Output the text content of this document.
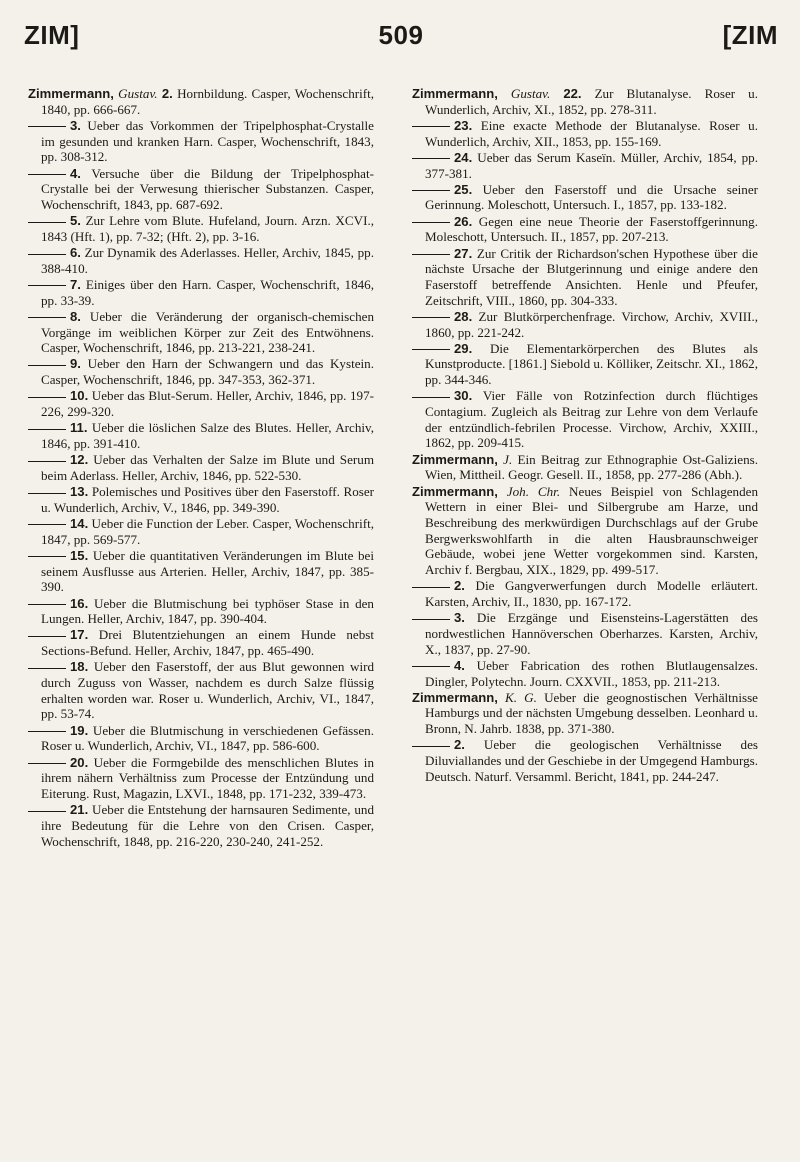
ZIM]	509	[ZIM

Zimmermann, Gustav. 2. Hornbildung. Casper, Wochenschrift, 1840, pp. 666-667.

3. Ueber das Vorkommen der Tripelphosphat-Crystalle im gesunden und kranken Harn. Casper, Wochenschrift, 1843, pp. 308-312.

4. Versuche über die Bildung der Tripelphosphat-Crystalle bei der Verwesung thierischer Substanzen. Casper, Wochenschrift, 1843, pp. 687-692.

5. Zur Lehre vom Blute. Hufeland, Journ. Arzn. XCVI., 1843 (Hft. 1), pp. 7-32; (Hft. 2), pp. 3-16.

6. Zur Dynamik des Aderlasses. Heller, Archiv, 1845, pp. 388-410.

7. Einiges über den Harn. Casper, Wochenschrift, 1846, pp. 33-39.

8. Ueber die Veränderung der organisch-chemischen Vorgänge im weiblichen Körper zur Zeit des Entwöhnens. Casper, Wochenschrift, 1846, pp. 213-221, 238-241.

9. Ueber den Harn der Schwangern und das Kystein. Casper, Wochenschrift, 1846, pp. 347-353, 362-371.

10. Ueber das Blut-Serum. Heller, Archiv, 1846, pp. 197-226, 299-320.

11. Ueber die löslichen Salze des Blutes. Heller, Archiv, 1846, pp. 391-410.

12. Ueber das Verhalten der Salze im Blute und Serum beim Aderlass. Heller, Archiv, 1846, pp. 522-530.

13. Polemisches und Positives über den Faserstoff. Roser u. Wunderlich, Archiv, V., 1846, pp. 349-390.

14. Ueber die Function der Leber. Casper, Wochenschrift, 1847, pp. 569-577.

15. Ueber die quantitativen Veränderungen im Blute bei seinem Ausflusse aus Arterien. Heller, Archiv, 1847, pp. 385-390.

16. Ueber die Blutmischung bei typhöser Stase in den Lungen. Heller, Archiv, 1847, pp. 390-404.

17. Drei Blutentziehungen an einem Hunde nebst Sections-Befund. Heller, Archiv, 1847, pp. 465-490.

18. Ueber den Faserstoff, der aus Blut gewonnen wird durch Zuguss von Wasser, nachdem es durch Salze flüssig erhalten worden war. Roser u. Wunderlich, Archiv, VI., 1847, pp. 53-74.

19. Ueber die Blutmischung in verschiedenen Gefässen. Roser u. Wunderlich, Archiv, VI., 1847, pp. 586-600.

20. Ueber die Formgebilde des menschlichen Blutes in ihrem nähern Verhältniss zum Processe der Entzündung und Eiterung. Rust, Magazin, LXVI., 1848, pp. 171-232, 339-473.

21. Ueber die Entstehung der harnsauren Sedimente, und ihre Bedeutung für die Lehre von den Crisen. Casper, Wochenschrift, 1848, pp. 216-220, 230-240, 241-252.

Zimmermann, Gustav. 22. Zur Blutanalyse. Roser u. Wunderlich, Archiv, XI., 1852, pp. 278-311.

23. Eine exacte Methode der Blutanalyse. Roser u. Wunderlich, Archiv, XII., 1853, pp. 155-169.

24. Ueber das Serum Kaseïn. Müller, Archiv, 1854, pp. 377-381.

25. Ueber den Faserstoff und die Ursache seiner Gerinnung. Moleschott, Untersuch. I., 1857, pp. 133-182.

26. Gegen eine neue Theorie der Faserstoffgerinnung. Moleschott, Untersuch. II., 1857, pp. 207-213.

27. Zur Critik der Richardson'schen Hypothese über die nächste Ursache der Blutgerinnung und einige andere den Faserstoff betreffende Ansichten. Henle und Pfeufer, Zeitschrift, VIII., 1860, pp. 304-333.

28. Zur Blutkörperchenfrage. Virchow, Archiv, XVIII., 1860, pp. 221-242.

29. Die Elementarkörperchen des Blutes als Kunstproducte. [1861.] Siebold u. Kölliker, Zeitschr. XI., 1862, pp. 344-346.

30. Vier Fälle von Rotzinfection durch flüchtiges Contagium. Zugleich als Beitrag zur Lehre von dem Verlaufe der entzündlich-febrilen Processe. Virchow, Archiv, XXIII., 1862, pp. 209-415.

Zimmermann, J. Ein Beitrag zur Ethnographie Ost-Galiziens. Wien, Mittheil. Geogr. Gesell. II., 1858, pp. 277-286 (Abh.).

Zimmermann, Joh. Chr. Neues Beispiel von Schlagenden Wettern in einer Blei- und Silbergrube am Harze, und Beschreibung des merkwürdigen Durchschlags auf der Grube Bergwerkswohlfarth in die alten Hausbraunschweiger Gebäude, wobei jene Wetter vorgekommen sind. Karsten, Archiv f. Bergbau, XIX., 1829, pp. 499-517.

2. Die Gangverwerfungen durch Modelle erläutert. Karsten, Archiv, II., 1830, pp. 167-172.

3. Die Erzgänge und Eisensteins-Lagerstätten des nordwestlichen Hannöverschen Oberharzes. Karsten, Archiv, X., 1837, pp. 27-90.

4. Ueber Fabrication des rothen Blutlaugensalzes. Dingler, Polytechn. Journ. CXXVII., 1853, pp. 211-213.

Zimmermann, K. G. Ueber die geognostischen Verhältnisse Hamburgs und der nächsten Umgebung desselben. Leonhard u. Bronn, N. Jahrb. 1838, pp. 371-380.

2. Ueber die geologischen Verhältnisse des Diluviallandes und der Geschiebe in der Umgegend Hamburgs. Deutsch. Naturf. Versamml. Bericht, 1841, pp. 244-247.
